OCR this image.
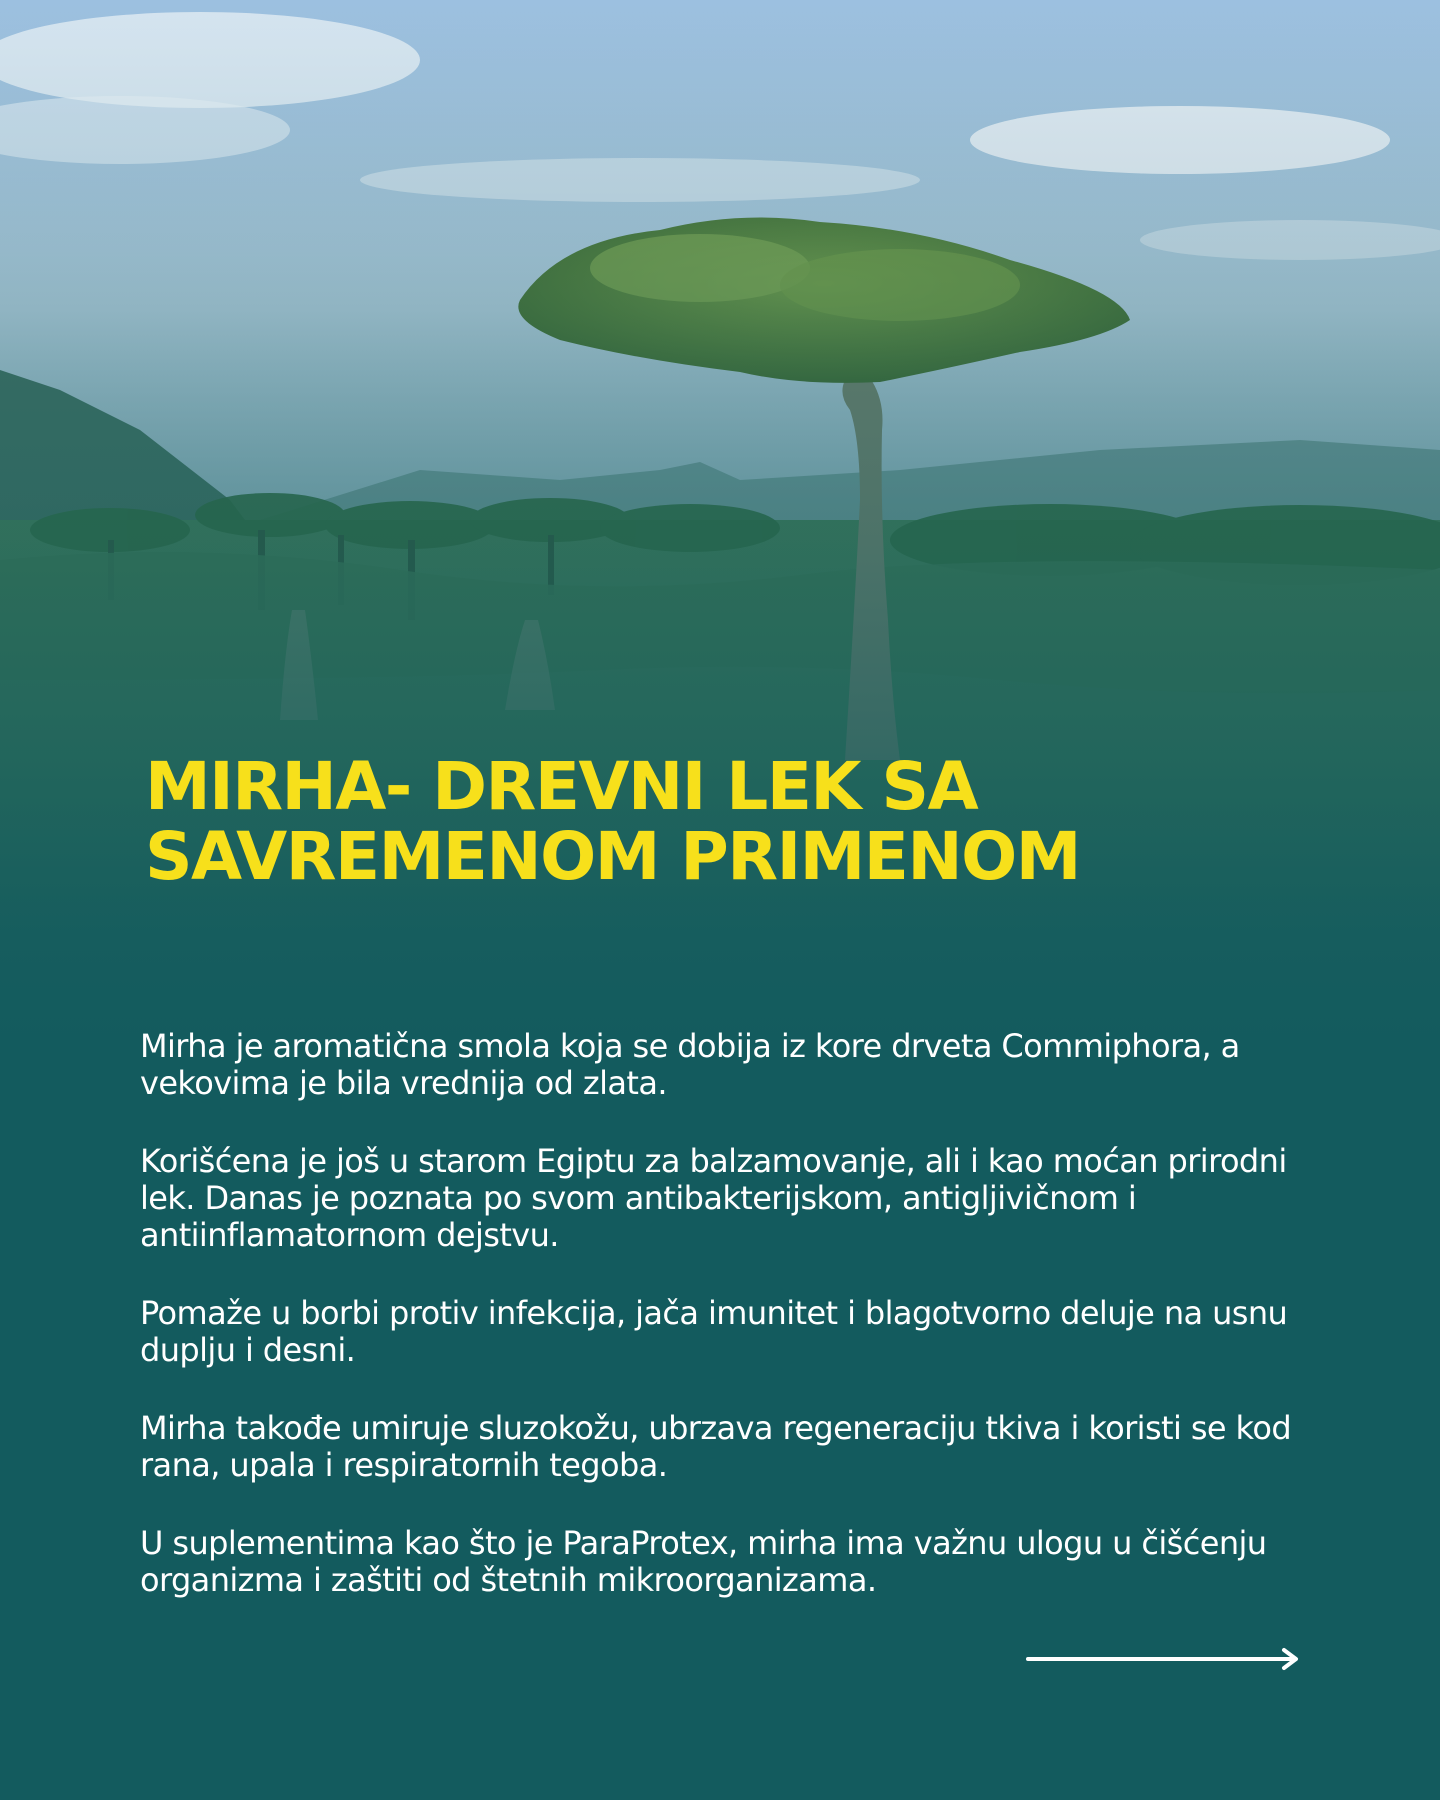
MIRHA- DREVNI LEK SA SAVREMENOM PRIMENOM

Mirha je aromatična smola koja se dobija iz kore drveta Commiphora, a vekovima je bila vrednija od zlata.

Korišćena je još u starom Egiptu za balzamovanje, ali i kao moćan prirodni lek. Danas je poznata po svom antibakterijskom, antigljivičnom i antiinflamatornom dejstvu.

Pomaže u borbi protiv infekcija, jača imunitet i blagotvorno deluje na usnu duplju i desni.

Mirha takođe umiruje sluzokožu, ubrzava regeneraciju tkiva i koristi se kod rana, upala i respiratornih tegoba.

U suplementima kao što je ParaProtex, mirha ima važnu ulogu u čišćenju organizma i zaštiti od štetnih mikroorganizama.
